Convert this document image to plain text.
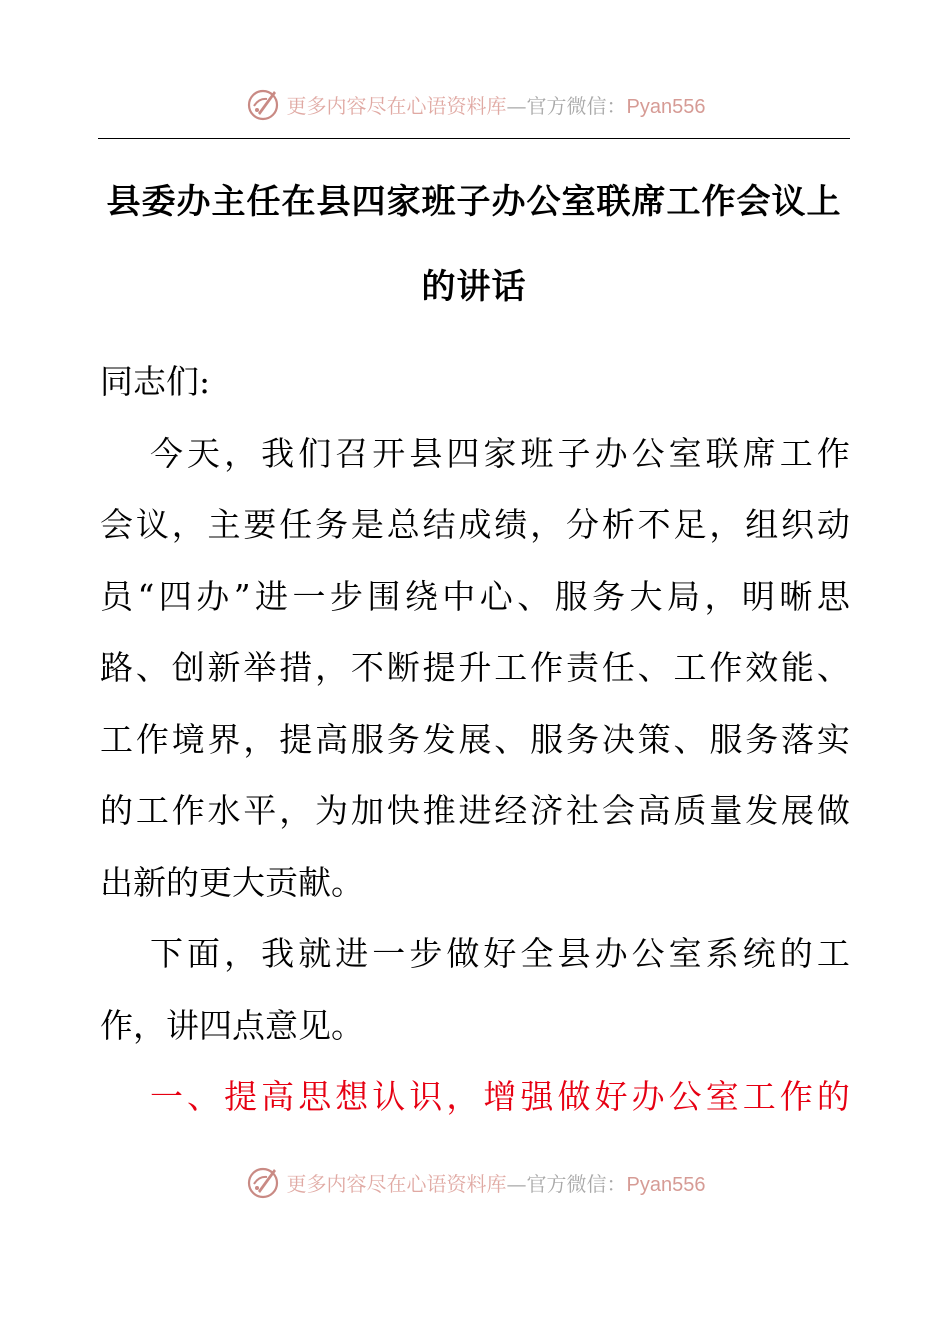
更多内容尽在心语资料库—官方微信：Pyan556
县委办主任在县四家班子办公室联席工作会议上
的讲话
同志们:
今 天 ， 我 们 召 开 县 四 家 班 子 办 公 室 联 席 工 作
会 议 ， 主 要 任 务 是 总 结 成 绩 ， 分 析 不 足 ， 组 织 动
员 “ 四 办 ” 进 一 步 围 绕 中 心 、 服 务 大 局 ， 明 晰 思
路 、 创 新 举 措 ， 不 断 提 升 工 作 责 任 、 工 作 效 能 、
工 作 境 界 ， 提 高 服 务 发 展 、 服 务 决 策 、 服 务 落 实
的 工 作 水 平 ， 为 加 快 推 进 经 济 社 会 高 质 量 发 展 做
出新的更大贡献。
下 面 ， 我 就 进 一 步 做 好 全 县 办 公 室 系 统 的 工
作，讲四点意见。
一 、 提 高 思 想 认 识 ， 增 强 做 好 办 公 室 工 作 的
更多内容尽在心语资料库—官方微信：Pyan556
